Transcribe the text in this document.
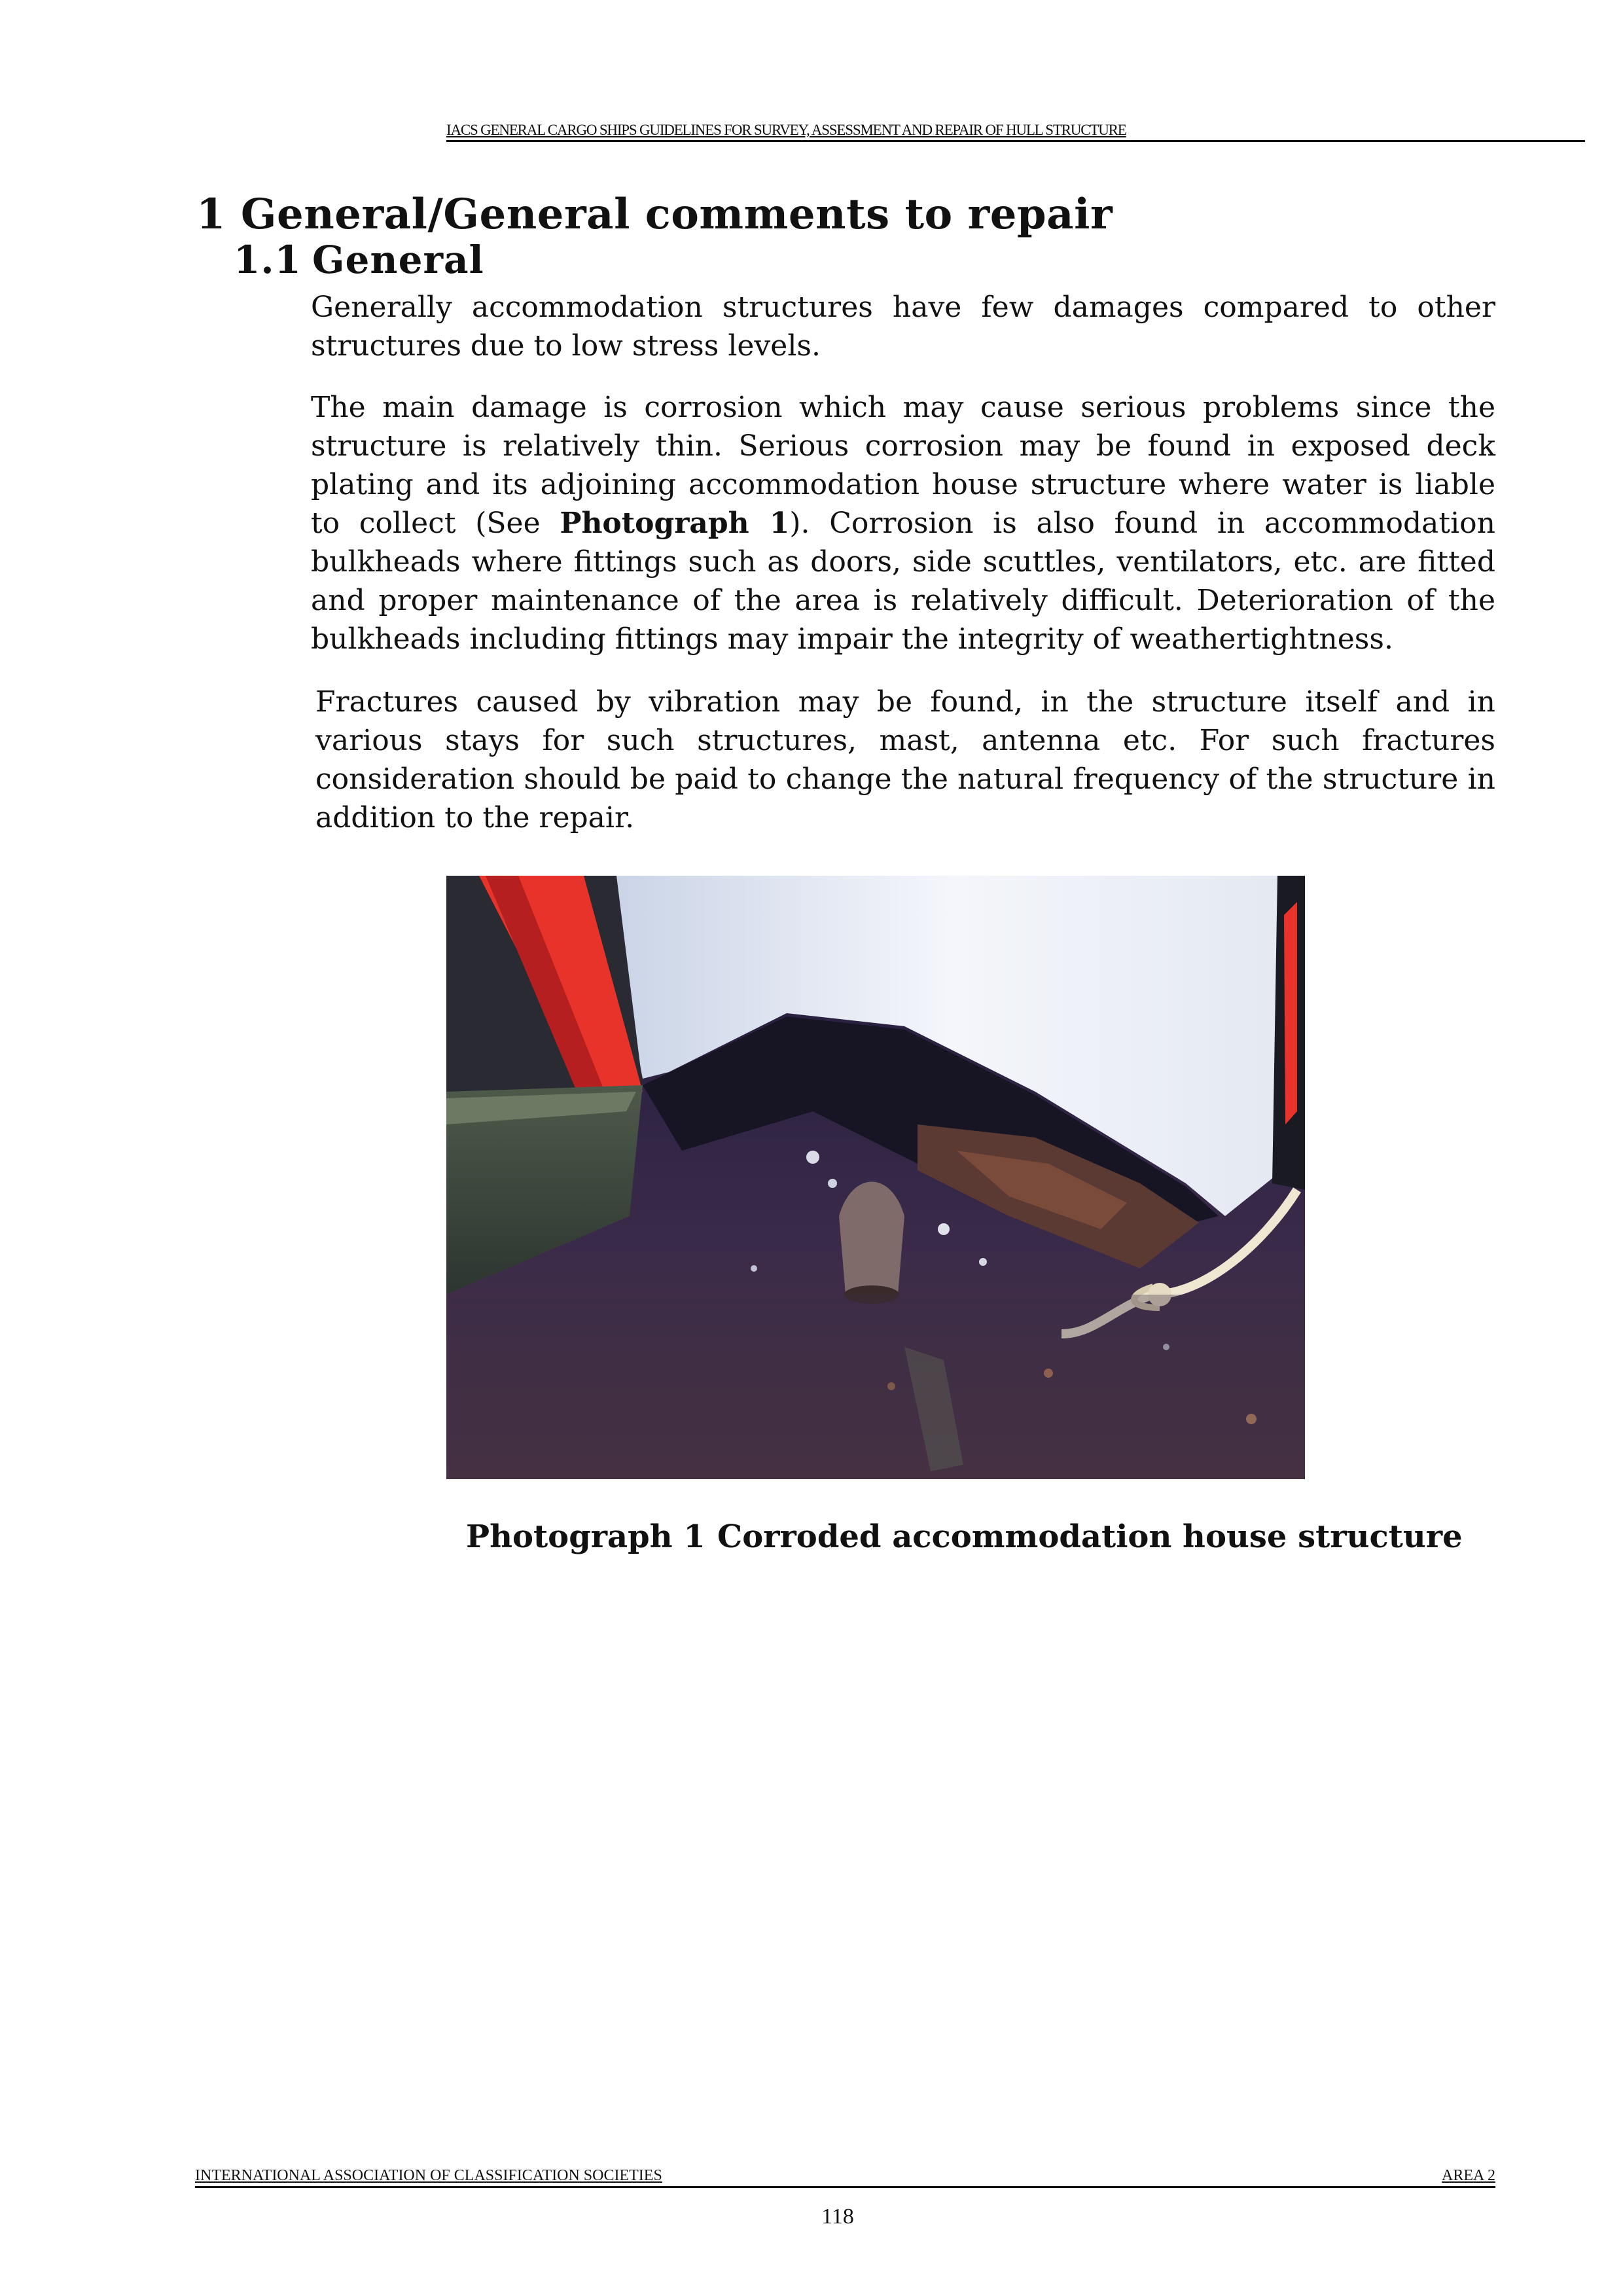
IACS GENERAL CARGO SHIPS GUIDELINES FOR SURVEY, ASSESSMENT AND REPAIR OF HULL STRUCTURE
1 General/General comments to repair
1.1 General

Generally accommodation structures have few damages compared to other structures due to low stress levels.

The main damage is corrosion which may cause serious problems since the structure is relatively thin. Serious corrosion may be found in exposed deck plating and its adjoining accommodation house structure where water is liable to collect (See Photograph 1). Corrosion is also found in accommodation bulkheads where fittings such as doors, side scuttles, ventilators, etc. are fitted and proper maintenance of the area is relatively difficult. Deterioration of the bulkheads including fittings may impair the integrity of weathertightness.

Fractures caused by vibration may be found, in the structure itself and in various stays for such structures, mast, antenna etc. For such fractures consideration should be paid to change the natural frequency of the structure in addition to the repair.

Photograph 1 Corroded accommodation house structure

INTERNATIONAL ASSOCIATION OF CLASSIFICATION SOCIETIES	AREA 2
118
